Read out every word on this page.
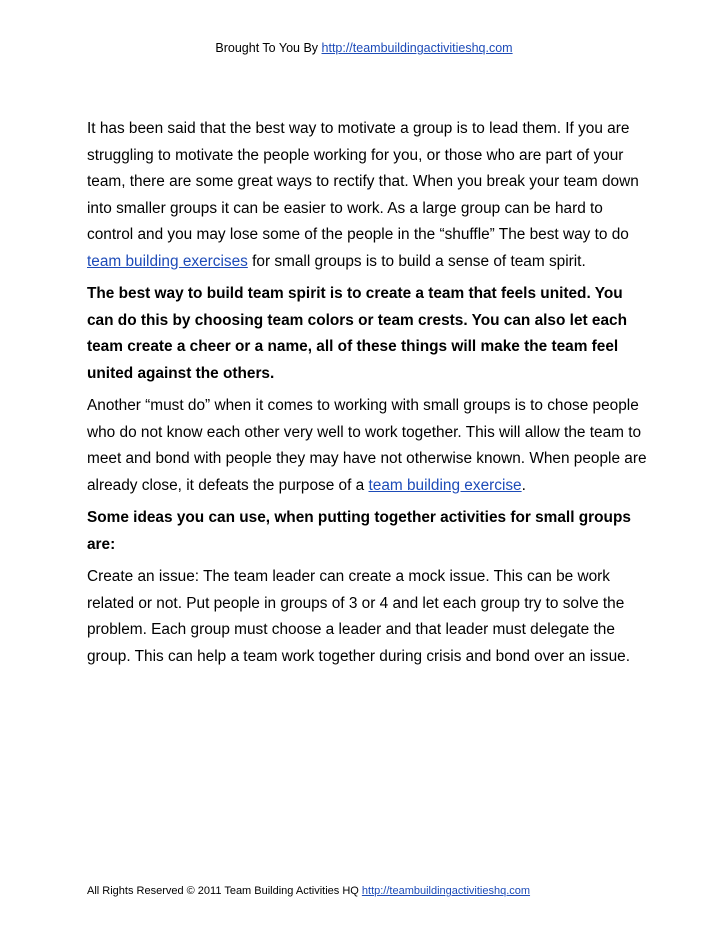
Brought To You By http://teambuildingactivitieshq.com

It has been said that the best way to motivate a group is to lead them. If you are struggling to motivate the people working for you, or those who are part of your team, there are some great ways to rectify that. When you break your team down into smaller groups it can be easier to work. As a large group can be hard to control and you may lose some of the people in the “shuffle” The best way to do team building exercises for small groups is to build a sense of team spirit.

The best way to build team spirit is to create a team that feels united. You can do this by choosing team colors or team crests. You can also let each team create a cheer or a name, all of these things will make the team feel united against the others.

Another “must do” when it comes to working with small groups is to chose people who do not know each other very well to work together. This will allow the team to meet and bond with people they may have not otherwise known. When people are already close, it defeats the purpose of a team building exercise.

Some ideas you can use, when putting together activities for small groups are:

Create an issue: The team leader can create a mock issue. This can be work related or not. Put people in groups of 3 or 4 and let each group try to solve the problem. Each group must choose a leader and that leader must delegate the group. This can help a team work together during crisis and bond over an issue.

All Rights Reserved © 2011 Team Building Activities HQ http://teambuildingactivitieshq.com
